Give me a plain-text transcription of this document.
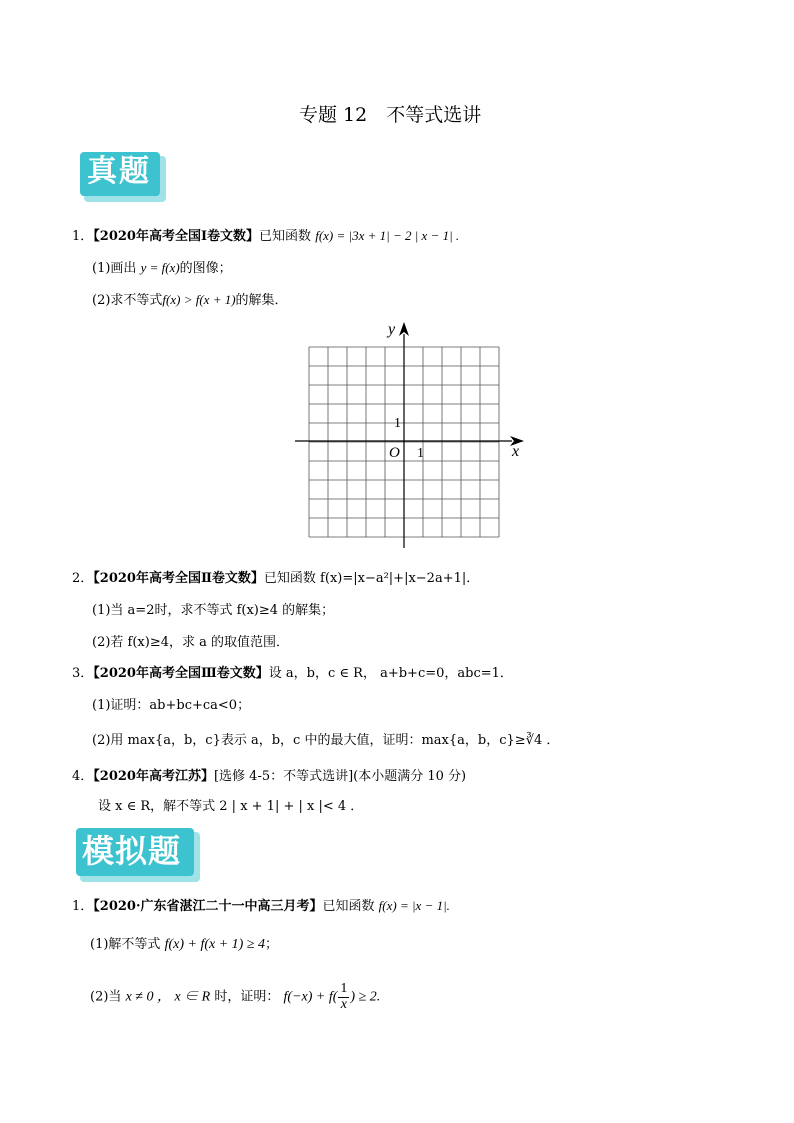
专题 12　不等式选讲
真题
1．【2020年高考全国Ⅰ卷文数】已知函数 f(x) = |3x + 1| − 2 | x − 1| .
(1)画出 y = f(x)的图像；
(2)求不等式f(x) > f(x + 1)的解集．
y
x
O
1
1
2．【2020年高考全国Ⅱ卷文数】已知函数 f(x)=|x−a²|+|x−2a+1|．
(1)当 a=2时，求不等式 f(x)≥4 的解集；
(2)若 f(x)≥4，求 a 的取值范围．
3．【2020年高考全国Ⅲ卷文数】设 a，b，c ∈ R， a+b+c=0，abc=1．
(1)证明：ab+bc+ca<0；
(2)用 max{a，b，c}表示 a，b，c 中的最大值，证明：max{a，b，c}≥∛4 ．
4．【2020年高考江苏】[选修 4-5：不等式选讲](本小题满分 10 分)
设 x ∈ R，解不等式 2 | x + 1| + | x |< 4 ．
模拟题
1．【2020·广东省湛江二十一中高三月考】已知函数 f(x) = |x − 1|.
(1)解不等式 f(x) + f(x + 1) ≥ 4；
(2)当 x ≠ 0 ， x ∈ R 时，证明： $f(-x) + f( \frac{1}{x}$ ) ≥ 2.
